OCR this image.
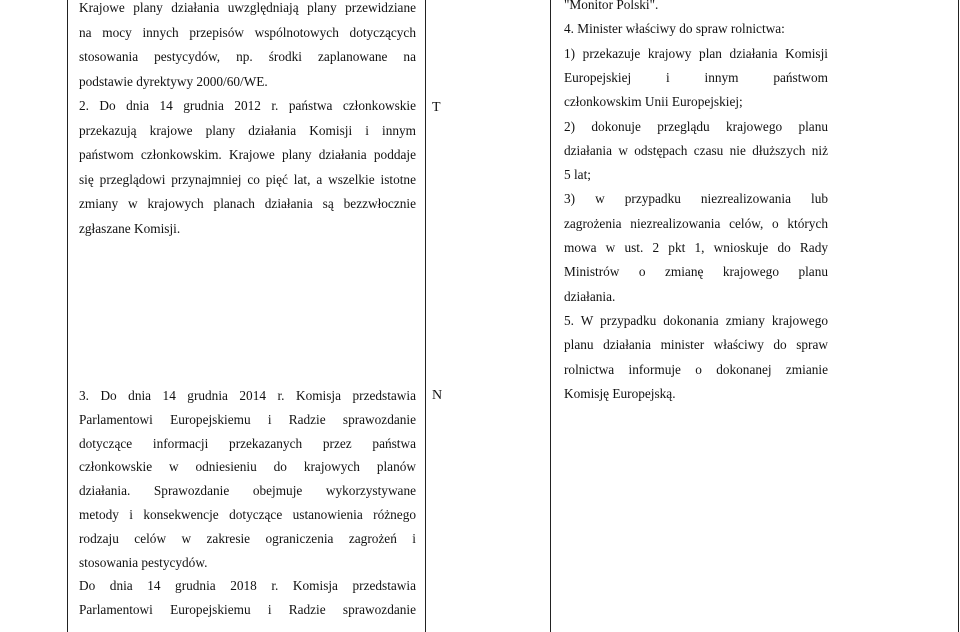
Krajowe plany działania uwzględniają plany przewidziane
na mocy innych przepisów wspólnotowych dotyczących
stosowania pestycydów, np. środki zaplanowane na
podstawie dyrektywy 2000/60/WE.
2. Do dnia 14 grudnia 2012 r. państwa członkowskie
przekazują krajowe plany działania Komisji i innym
państwom członkowskim. Krajowe plany działania poddaje
się przeglądowi przynajmniej co pięć lat, a wszelkie istotne
zmiany w krajowych planach działania są bezzwłocznie
zgłaszane Komisji.
3. Do dnia 14 grudnia 2014 r. Komisja przedstawia
Parlamentowi Europejskiemu i Radzie sprawozdanie
dotyczące informacji przekazanych przez państwa
członkowskie w odniesieniu do krajowych planów
działania. Sprawozdanie obejmuje wykorzystywane
metody i konsekwencje dotyczące ustanowienia różnego
rodzaju celów w zakresie ograniczenia zagrożeń i
stosowania pestycydów.
Do dnia 14 grudnia 2018 r. Komisja przedstawia
Parlamentowi Europejskiemu i Radzie sprawozdanie
T
N
"Monitor Polski".
4. Minister właściwy do spraw rolnictwa:
1) przekazuje krajowy plan działania Komisji
Europejskiej i innym państwom
członkowskim Unii Europejskiej;
2) dokonuje przeglądu krajowego planu
działania w odstępach czasu nie dłuższych niż
5 lat;
3) w przypadku niezrealizowania lub
zagrożenia niezrealizowania celów, o których
mowa w ust. 2 pkt 1, wnioskuje do Rady
Ministrów o zmianę krajowego planu
działania.
5. W przypadku dokonania zmiany krajowego
planu działania minister właściwy do spraw
rolnictwa informuje o dokonanej zmianie
Komisję Europejską.
